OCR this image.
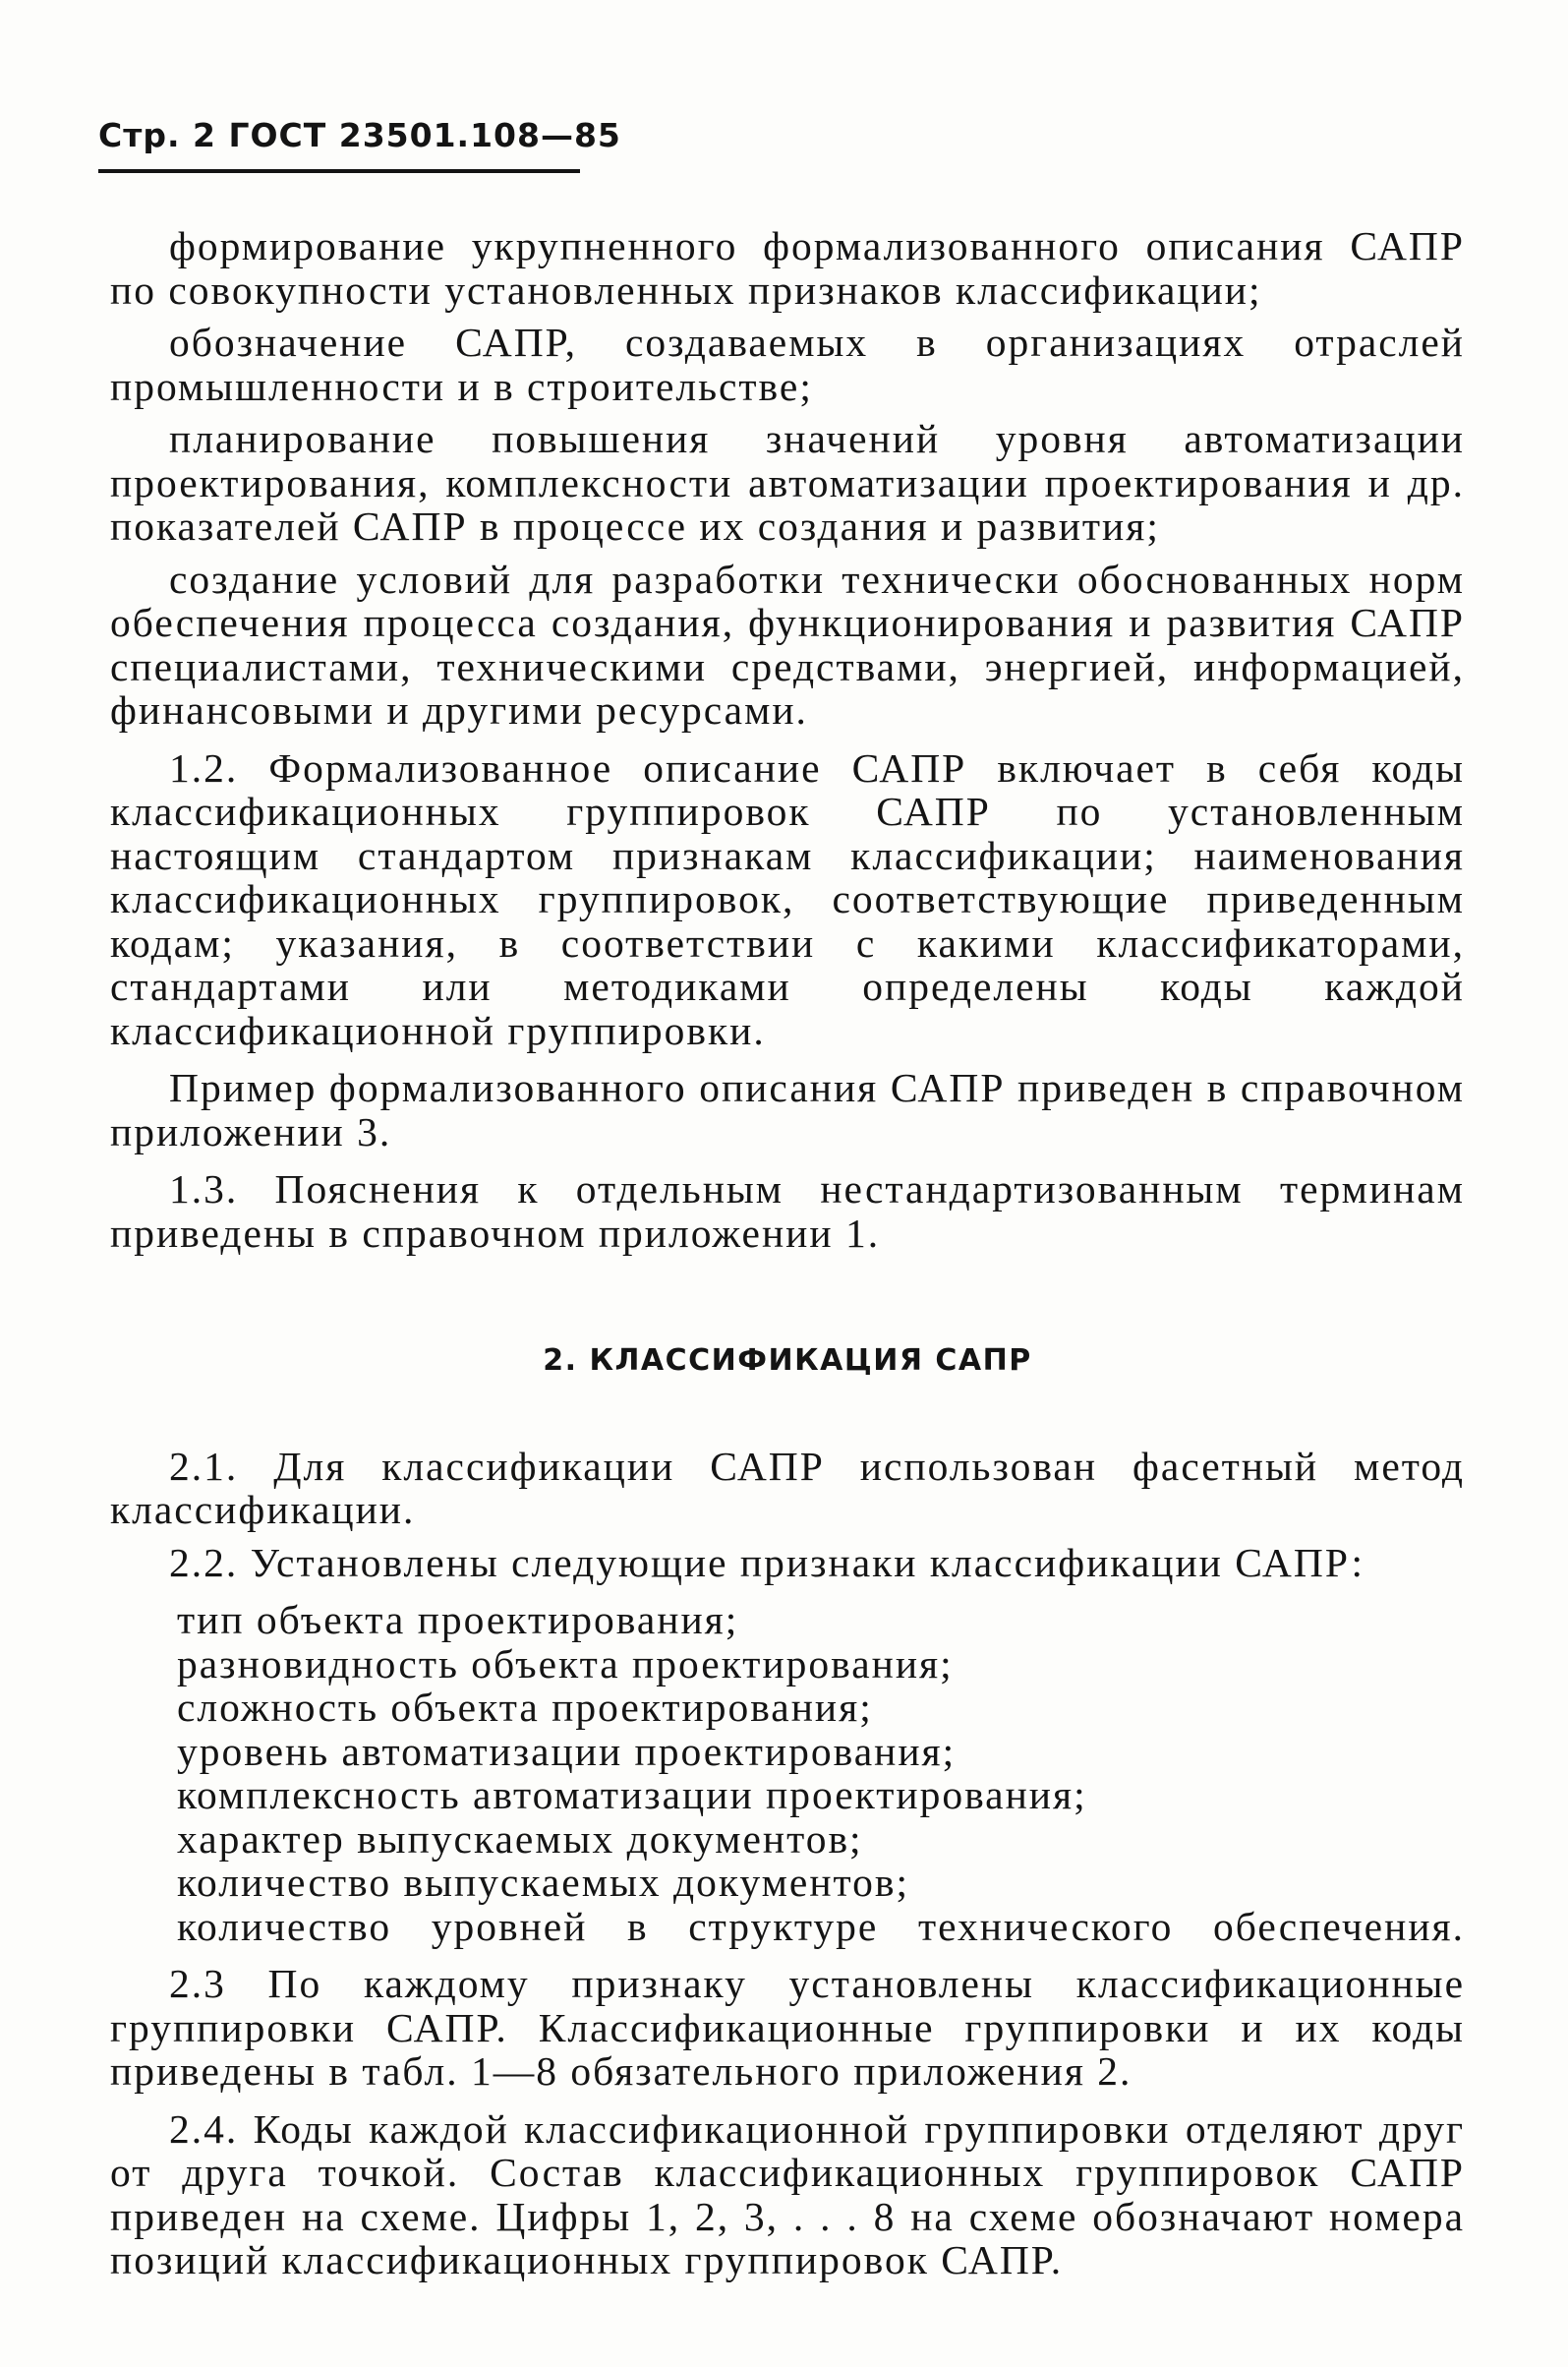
Стр. 2 ГОСТ 23501.108—85

формирование укрупненного формализованного описания САПР по совокупности установленных признаков классификации;

обозначение САПР, создаваемых в организациях отраслей промышленности и в строительстве;

планирование повышения значений уровня автоматизации проектирования, комплексности автоматизации проектирования и др. показателей САПР в процессе их создания и развития;

создание условий для разработки технически обоснованных норм обеспечения процесса создания, функционирования и развития САПР специалистами, техническими средствами, энергией, информацией, финансовыми и другими ресурсами.

1.2. Формализованное описание САПР включает в себя коды классификационных группировок САПР по установленным настоящим стандартом признакам классификации; наименования классификационных группировок, соответствующие приведенным кодам; указания, в соответствии с какими классификаторами, стандартами или методиками определены коды каждой классификационной группировки.

Пример формализованного описания САПР приведен в справочном приложении 3.

1.3. Пояснения к отдельным нестандартизованным терминам приведены в справочном приложении 1.

2. КЛАССИФИКАЦИЯ САПР

2.1. Для классификации САПР использован фасетный метод классификации.

2.2. Установлены следующие признаки классификации САПР:

тип объекта проектирования;
разновидность объекта проектирования;
сложность объекта проектирования;
уровень автоматизации проектирования;
комплексность автоматизации проектирования;
характер выпускаемых документов;
количество выпускаемых документов;
количество уровней в структуре технического обеспечения.

2.3 По каждому признаку установлены классификационные группировки САПР. Классификационные группировки и их коды приведены в табл. 1—8 обязательного приложения 2.

2.4. Коды каждой классификационной группировки отделяют друг от друга точкой. Состав классификационных группировок САПР приведен на схеме. Цифры 1, 2, 3, . . . 8 на схеме обозначают номера позиций классификационных группировок САПР.
